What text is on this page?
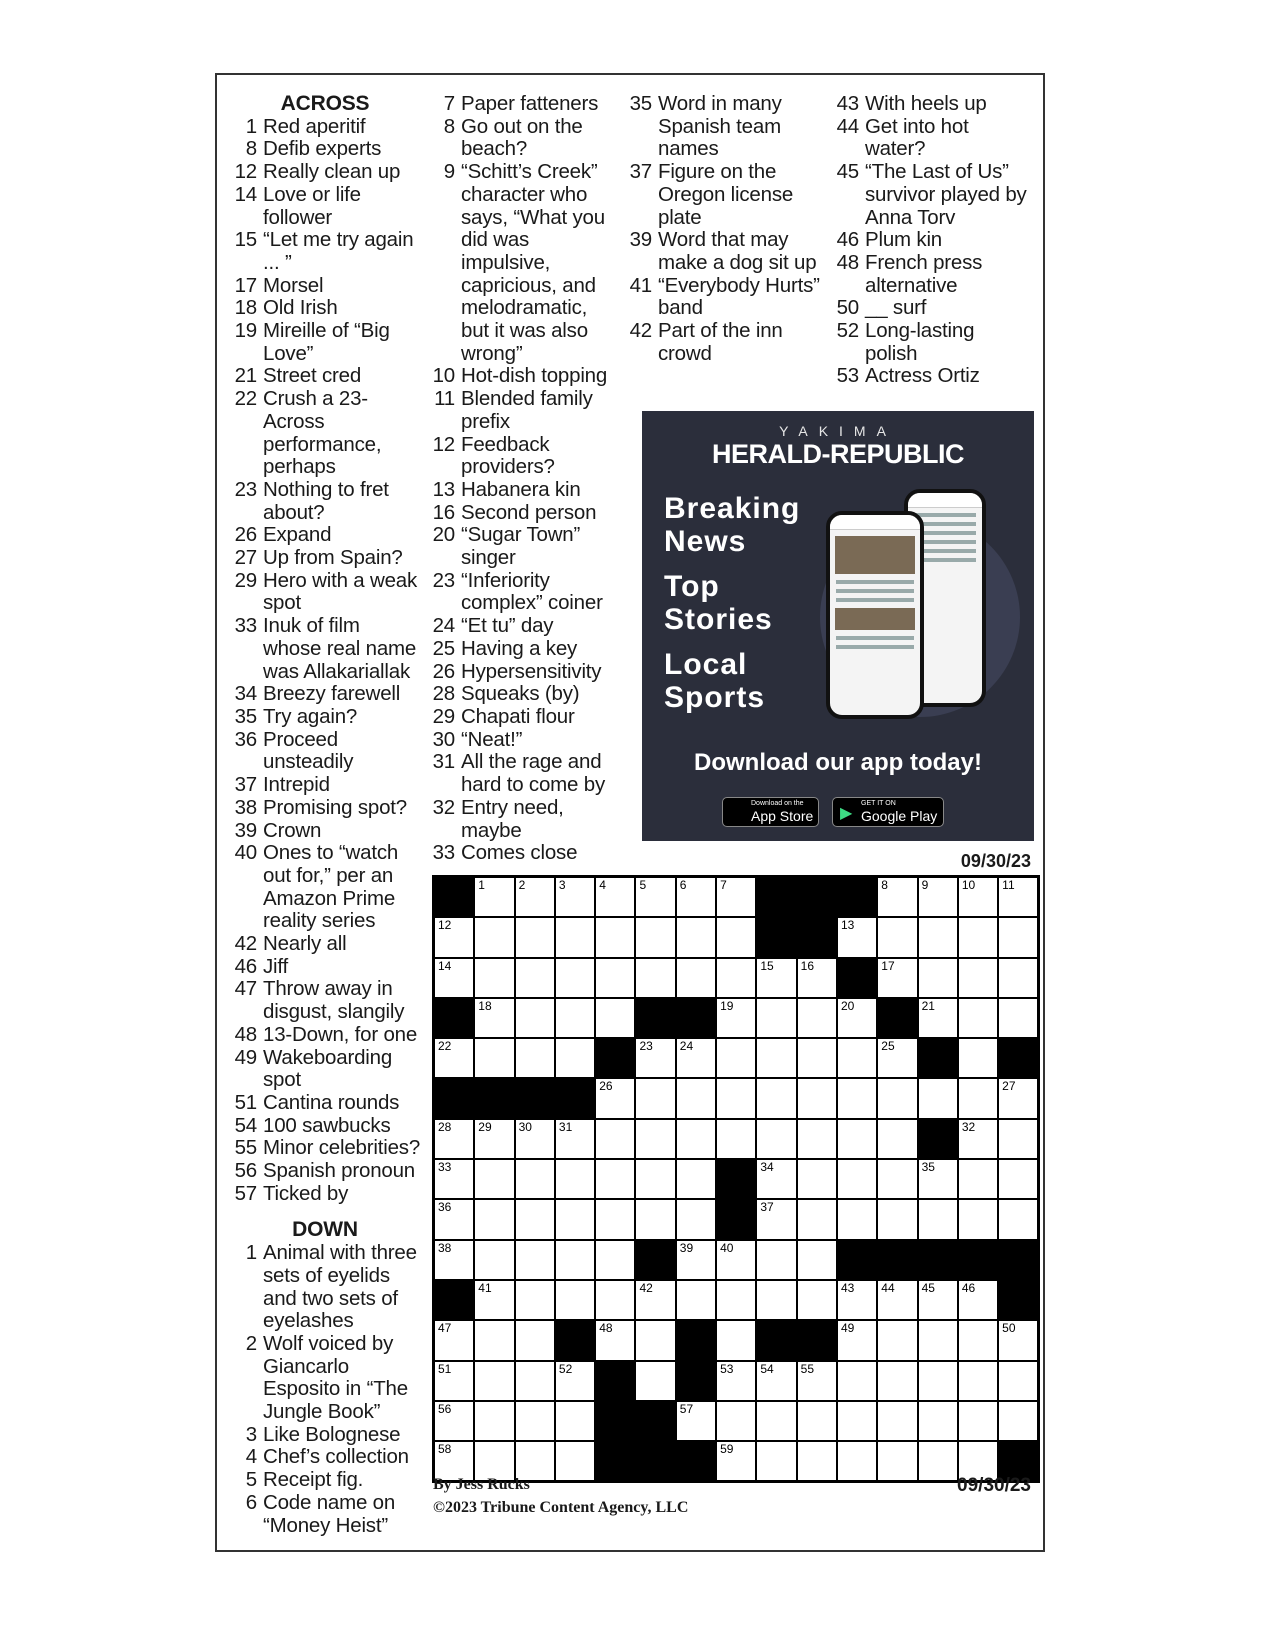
ACROSS
1 Red aperitif
8 Defib experts
12 Really clean up
14 Love or life follower
15 “Let me try again ... ”
17 Morsel
18 Old Irish
19 Mireille of “Big Love”
21 Street cred
22 Crush a 23-Across performance, perhaps
23 Nothing to fret about?
26 Expand
27 Up from Spain?
29 Hero with a weak spot
33 Inuk of film whose real name was Allakariallak
34 Breezy farewell
35 Try again?
36 Proceed unsteadily
37 Intrepid
38 Promising spot?
39 Crown
40 Ones to “watch out for,” per an Amazon Prime reality series
42 Nearly all
46 Jiff
47 Throw away in disgust, slangily
48 13-Down, for one
49 Wakeboarding spot
51 Cantina rounds
54 100 sawbucks
55 Minor celebrities?
56 Spanish pronoun
57 Ticked by
DOWN
1 Animal with three sets of eyelids and two sets of eyelashes
2 Wolf voiced by Giancarlo Esposito in “The Jungle Book”
3 Like Bolognese
4 Chef’s collection
5 Receipt fig.
6 Code name on “Money Heist”
7 Paper fatteners
8 Go out on the beach?
9 “Schitt’s Creek” character who says, “What you did was impulsive, capricious, and melodramatic, but it was also wrong”
10 Hot-dish topping
11 Blended family prefix
12 Feedback providers?
13 Habanera kin
16 Second person
20 “Sugar Town” singer
23 “Inferiority complex” coiner
24 “Et tu” day
25 Having a key
26 Hypersensitivity
28 Squeaks (by)
29 Chapati flour
30 “Neat!”
31 All the rage and hard to come by
32 Entry need, maybe
33 Comes close
35 Word in many Spanish team names
37 Figure on the Oregon license plate
39 Word that may make a dog sit up
41 “Everybody Hurts” band
42 Part of the inn crowd
43 With heels up
44 Get into hot water?
45 “The Last of Us” survivor played by Anna Torv
46 Plum kin
48 French press alternative
50 __ surf
52 Long-lasting polish
53 Actress Ortiz
YAKIMA
HERALD-REPUBLIC
Breaking
News
Top
Stories
Local
Sports
Download our app today!
Download on the
App Store ▶
GET IT ON
Google Play
09/30/23
1	2	3	4	5	6	7	8	9	10 11
12	13
14	15 16	17
18	19	20	21
22	23 24	25
26	27
28 29 30 31	32
33	34	35
36	37
38	39 40
41	42	43 44 45 46
47	48	49	50
51	52	53 54 55
56	57
58	59
By Jess Rucks
©2023 Tribune Content Agency, LLC
09/30/23
